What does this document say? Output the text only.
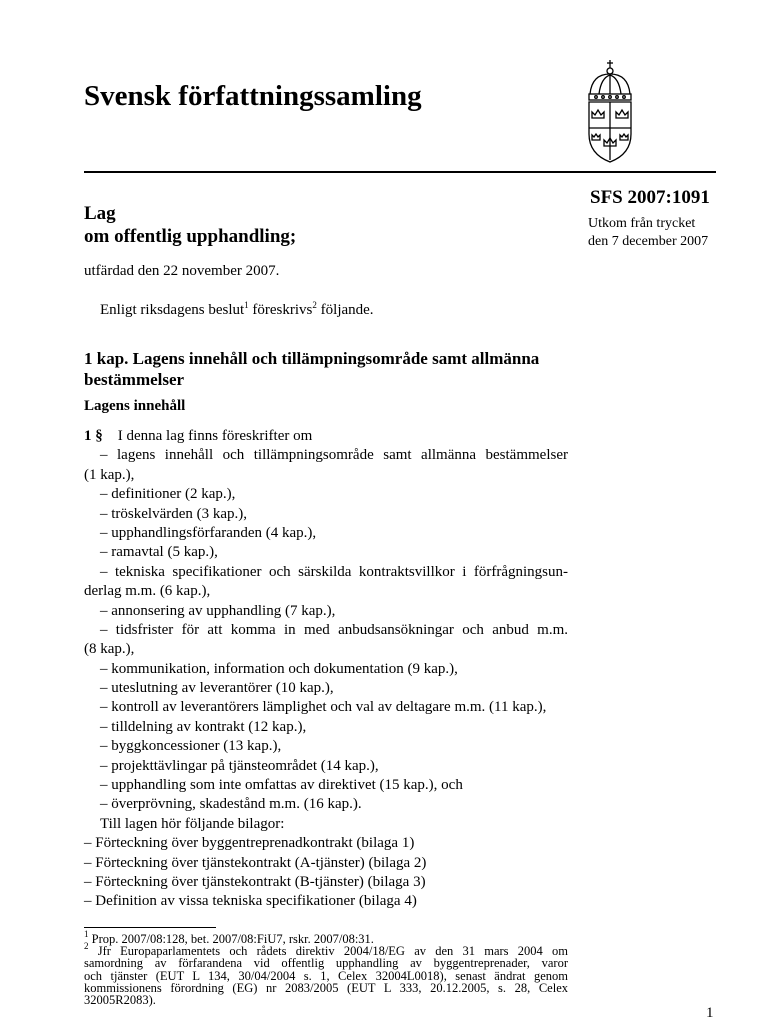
Svensk författningssamling
SFS 2007:1091
Utkom från trycket
den 7 december 2007
Lag
om offentlig upphandling;
utfärdad den 22 november 2007.
Enligt riksdagens beslut$^1$ föreskrivs$^2$ följande.
1 kap. Lagens innehåll och tillämpningsområde samt allmänna
bestämmelser
Lagens innehåll
1 § I denna lag finns föreskrifter om
– lagens innehåll och tillämpningsområde samt allmänna bestämmelser
(1 kap.),
– definitioner (2 kap.),
– tröskelvärden (3 kap.),
– upphandlingsförfaranden (4 kap.),
– ramavtal (5 kap.),
– tekniska specifikationer och särskilda kontraktsvillkor i förfrågningsun-
derlag m.m. (6 kap.),
– annonsering av upphandling (7 kap.),
– tidsfrister för att komma in med anbudsansökningar och anbud m.m.
(8 kap.),
– kommunikation, information och dokumentation (9 kap.),
– uteslutning av leverantörer (10 kap.),
– kontroll av leverantörers lämplighet och val av deltagare m.m. (11 kap.),
– tilldelning av kontrakt (12 kap.),
– byggkoncessioner (13 kap.),
– projekttävlingar på tjänsteområdet (14 kap.),
– upphandling som inte omfattas av direktivet (15 kap.), och
– överprövning, skadestånd m.m. (16 kap.).
Till lagen hör följande bilagor:
– Förteckning över byggentreprenadkontrakt (bilaga 1)
– Förteckning över tjänstekontrakt (A-tjänster) (bilaga 2)
– Förteckning över tjänstekontrakt (B-tjänster) (bilaga 3)
– Definition av vissa tekniska specifikationer (bilaga 4)
$^1$ Prop. 2007/08:128, bet. 2007/08:FiU7, rskr. 2007/08:31.
$^2$ Jfr Europaparlamentets och rådets direktiv 2004/18/EG av den 31 mars 2004 om
samordning av förfarandena vid offentlig upphandling av byggentreprenader, varor
och tjänster (EUT L 134, 30/04/2004 s. 1, Celex 32004L0018), senast ändrat genom
kommissionens förordning (EG) nr 2083/2005 (EUT L 333, 20.12.2005, s. 28, Celex
32005R2083).
1
